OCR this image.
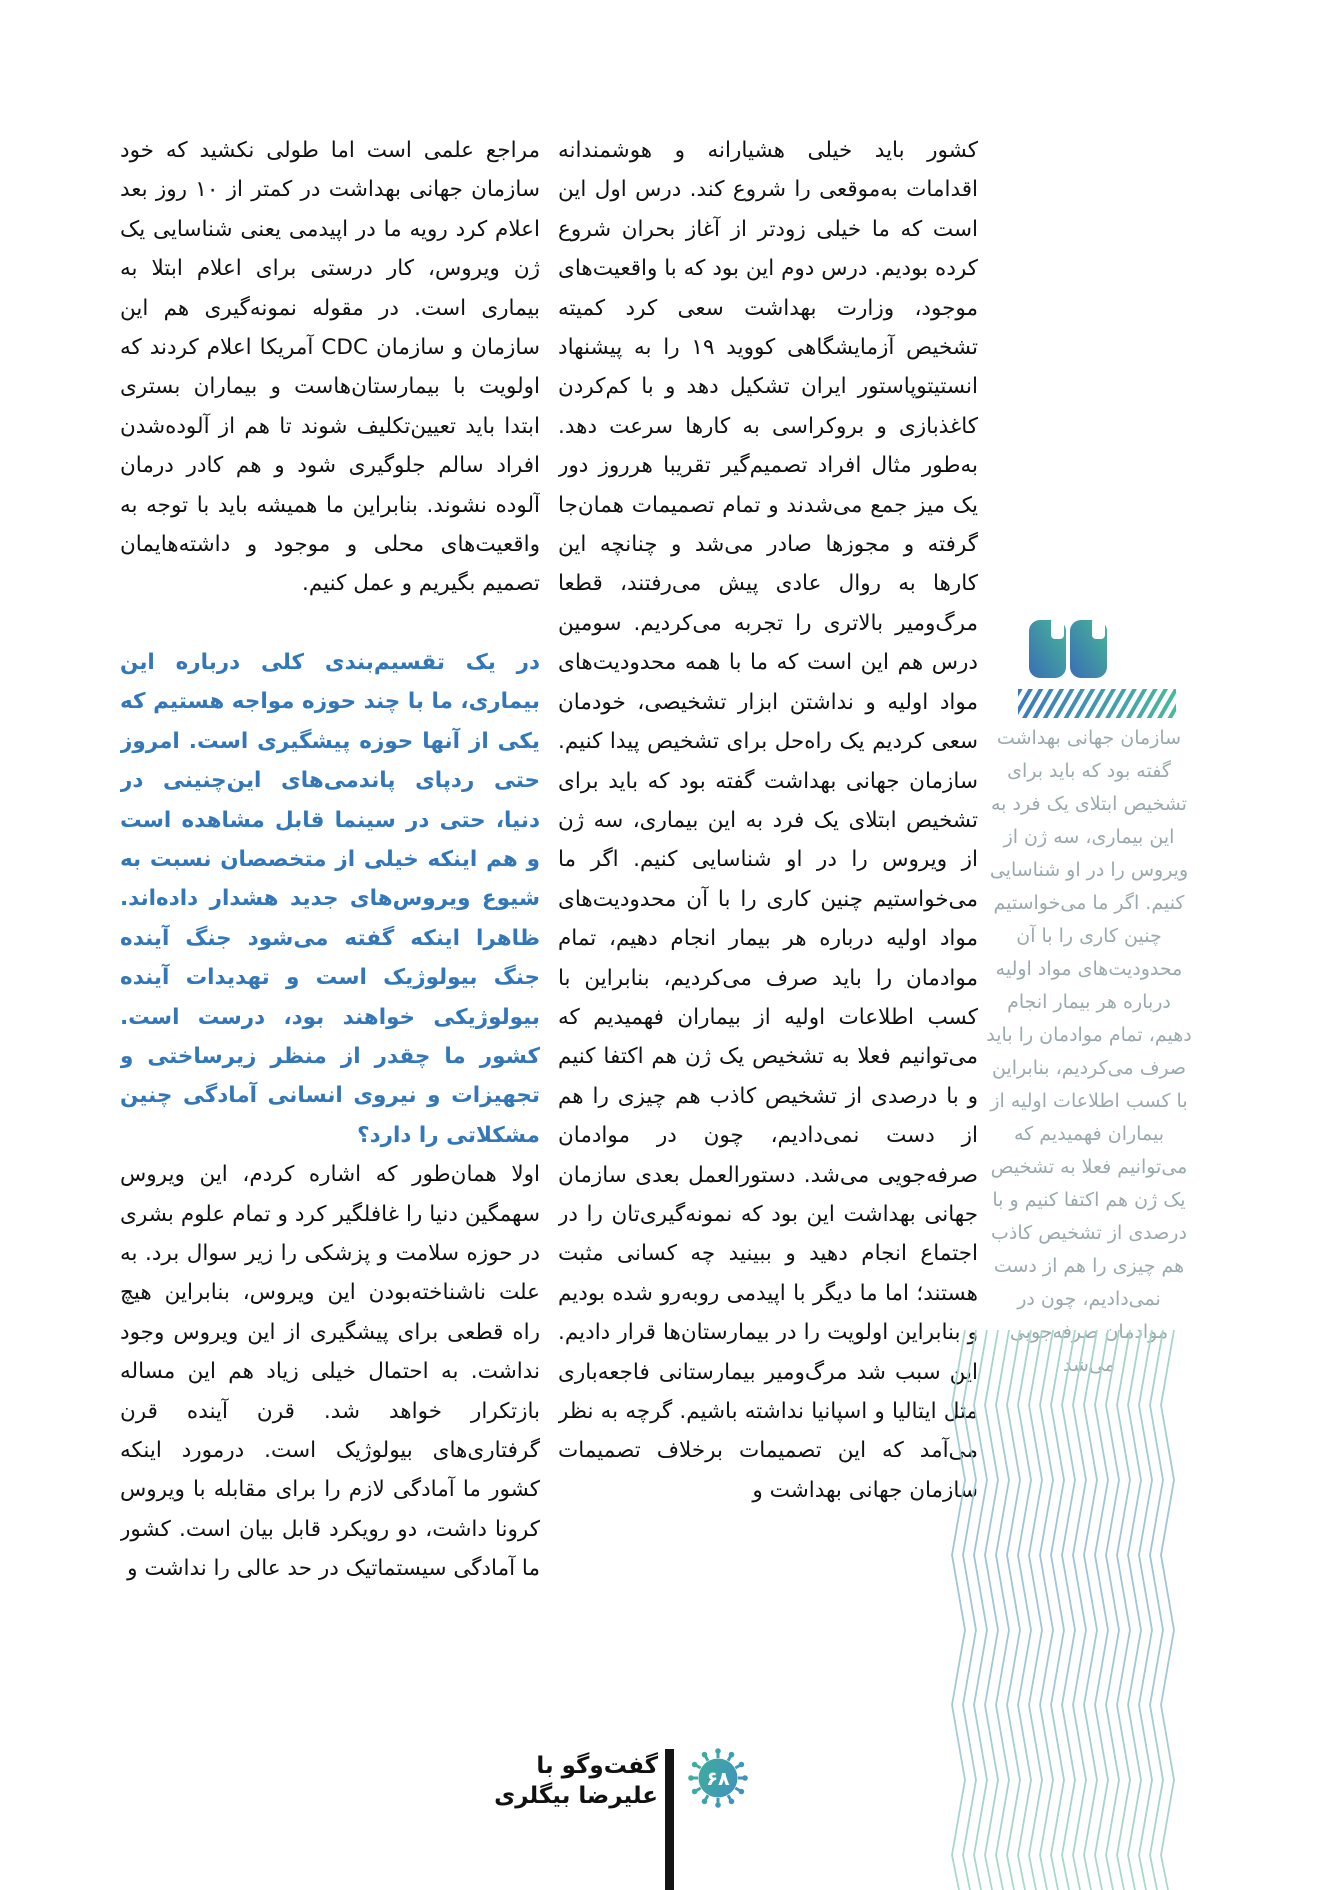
کشور باید خیلی هشیارانه و هوشمندانه اقدامات به‌موقعی را شروع کند. درس اول این است که ما خیلی زودتر از آغاز بحران شروع کرده بودیم. درس دوم این بود که با واقعیت‌های موجود، وزارت بهداشت سعی کرد کمیته تشخیص آزمایشگاهی کووید ۱۹ را به پیشنهاد انستیتوپاستور ایران تشکیل دهد و با کم‌کردن کاغذبازی و بروکراسی به کارها سرعت دهد. به‌طور مثال افراد تصمیم‌گیر تقریبا هرروز دور یک میز جمع می‌شدند و تمام تصمیمات همان‌جا گرفته و مجوزها صادر می‌شد و چنانچه این کارها به روال عادی پیش می‌رفتند، قطعا مرگ‌ومیر بالاتری را تجربه می‌کردیم. سومین درس هم این است که ما با همه محدودیت‌های مواد اولیه و نداشتن ابزار تشخیصی، خودمان سعی کردیم یک راه‌حل برای تشخیص پیدا کنیم. سازمان جهانی بهداشت گفته بود که باید برای تشخیص ابتلای یک فرد به این بیماری، سه ژن از ویروس را در او شناسایی کنیم. اگر ما می‌خواستیم چنین کاری را با آن محدودیت‌های مواد اولیه درباره هر بیمار انجام دهیم، تمام موادمان را باید صرف می‌کردیم، بنابراین با کسب اطلاعات اولیه از بیماران فهمیدیم که می‌توانیم فعلا به تشخیص یک ژن هم اکتفا کنیم و با درصدی از تشخیص کاذب هم چیزی را هم از دست نمی‌دادیم، چون در موادمان صرفه‌جویی می‌شد. دستورالعمل بعدی سازمان جهانی بهداشت این بود که نمونه‌گیری‌تان را در اجتماع انجام دهید و ببینید چه کسانی مثبت هستند؛ اما ما دیگر با اپیدمی روبه‌رو شده بودیم و بنابراین اولویت را در بیمارستان‌ها قرار دادیم. این سبب شد مرگ‌ومیر بیمارستانی فاجعه‌باری مثل ایتالیا و اسپانیا نداشته باشیم. گرچه به نظر می‌آمد که این تصمیمات برخلاف تصمیمات سازمان جهانی بهداشت و

مراجع علمی است اما طولی نکشید که خود سازمان جهانی بهداشت در کمتر از ۱۰ روز بعد اعلام کرد رویه ما در اپیدمی یعنی شناسایی یک ژن ویروس، کار درستی برای اعلام ابتلا به بیماری است. در مقوله نمونه‌گیری هم این سازمان و سازمان CDC آمریکا اعلام کردند که اولویت با بیمارستان‌هاست و بیماران بستری ابتدا باید تعیین‌تکلیف شوند تا هم از آلوده‌شدن افراد سالم جلوگیری شود و هم کادر درمان آلوده نشوند. بنابراین ما همیشه باید با توجه به واقعیت‌های محلی و موجود و داشته‌هایمان تصمیم بگیریم و عمل کنیم.

در یک تقسیم‌بندی کلی درباره این بیماری، ما با چند حوزه مواجه هستیم که یکی از آنها حوزه پیشگیری است. امروز حتی ردپای پاندمی‌های این‌چنینی در دنیا، حتی در سینما قابل مشاهده است و هم اینکه خیلی از متخصصان نسبت به شیوع ویروس‌های جدید هشدار داده‌اند. ظاهرا اینکه گفته می‌شود جنگ آینده جنگ بیولوژیک است و تهدیدات آینده بیولوژیکی خواهند بود، درست است. کشور ما چقدر از منظر زیرساختی و تجهیزات و نیروی انسانی آمادگی چنین مشکلاتی را دارد؟

اولا همان‌طور که اشاره کردم، این ویروس سهمگین دنیا را غافلگیر کرد و تمام علوم بشری در حوزه سلامت و پزشکی را زیر سوال برد. به علت ناشناخته‌بودن این ویروس، بنابراین هیچ راه قطعی برای پیشگیری از این ویروس وجود نداشت. به احتمال خیلی زیاد هم این مساله بازتکرار خواهد شد. قرن آینده قرن گرفتاری‌های بیولوژیک است. درمورد اینکه کشور ما آمادگی لازم را برای مقابله با ویروس کرونا داشت، دو رویکرد قابل بیان است. کشور ما آمادگی سیستماتیک در حد عالی را نداشت و

سازمان جهانی بهداشت گفته بود که باید برای تشخیص ابتلای یک فرد به این بیماری، سه ژن از ویروس را در او شناسایی کنیم. اگر ما می‌خواستیم چنین کاری را با آن محدودیت‌های مواد اولیه درباره هر بیمار انجام دهیم، تمام موادمان را باید صرف می‌کردیم، بنابراین با کسب اطلاعات اولیه از بیماران فهمیدیم که می‌توانیم فعلا به تشخیص یک ژن هم اکتفا کنیم و با درصدی از تشخیص کاذب هم چیزی را هم از دست نمی‌دادیم، چون در موادمان صرفه‌جویی می‌شد
گفت‌وگو با
علیرضا بیگلری
۶۸
